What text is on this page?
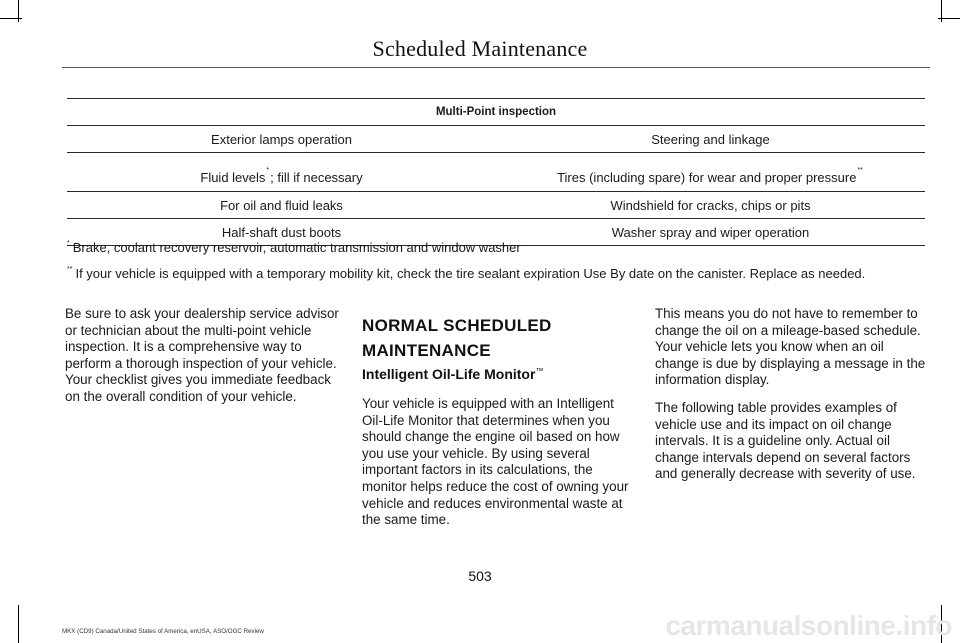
Scheduled Maintenance
Multi-Point inspection	
Exterior lamps operation	Steering and linkage
Fluid levels*; fill if necessary	Tires (including spare) for wear and proper pressure**
For oil and fluid leaks	Windshield for cracks, chips or pits
Half-shaft dust boots	Washer spray and wiper operation
* Brake, coolant recovery reservoir, automatic transmission and window washer
** If your vehicle is equipped with a temporary mobility kit, check the tire sealant expiration Use By date on the canister. Replace as needed.

Be sure to ask your dealership service advisor or technician about the multi-point vehicle inspection. It is a comprehensive way to perform a thorough inspection of your vehicle. Your checklist gives you immediate feedback on the overall condition of your vehicle.

NORMAL SCHEDULED MAINTENANCE
Intelligent Oil-Life Monitor™

Your vehicle is equipped with an Intelligent Oil-Life Monitor that determines when you should change the engine oil based on how you use your vehicle. By using several important factors in its calculations, the monitor helps reduce the cost of owning your vehicle and reduces environmental waste at the same time.

This means you do not have to remember to change the oil on a mileage-based schedule. Your vehicle lets you know when an oil change is due by displaying a message in the information display.

The following table provides examples of vehicle use and its impact on oil change intervals. It is a guideline only. Actual oil change intervals depend on several factors and generally decrease with severity of use.

503
MKX (CD9) Canada/United States of America, enUSA, ASO/OGC Review	carmanualsonline.info
